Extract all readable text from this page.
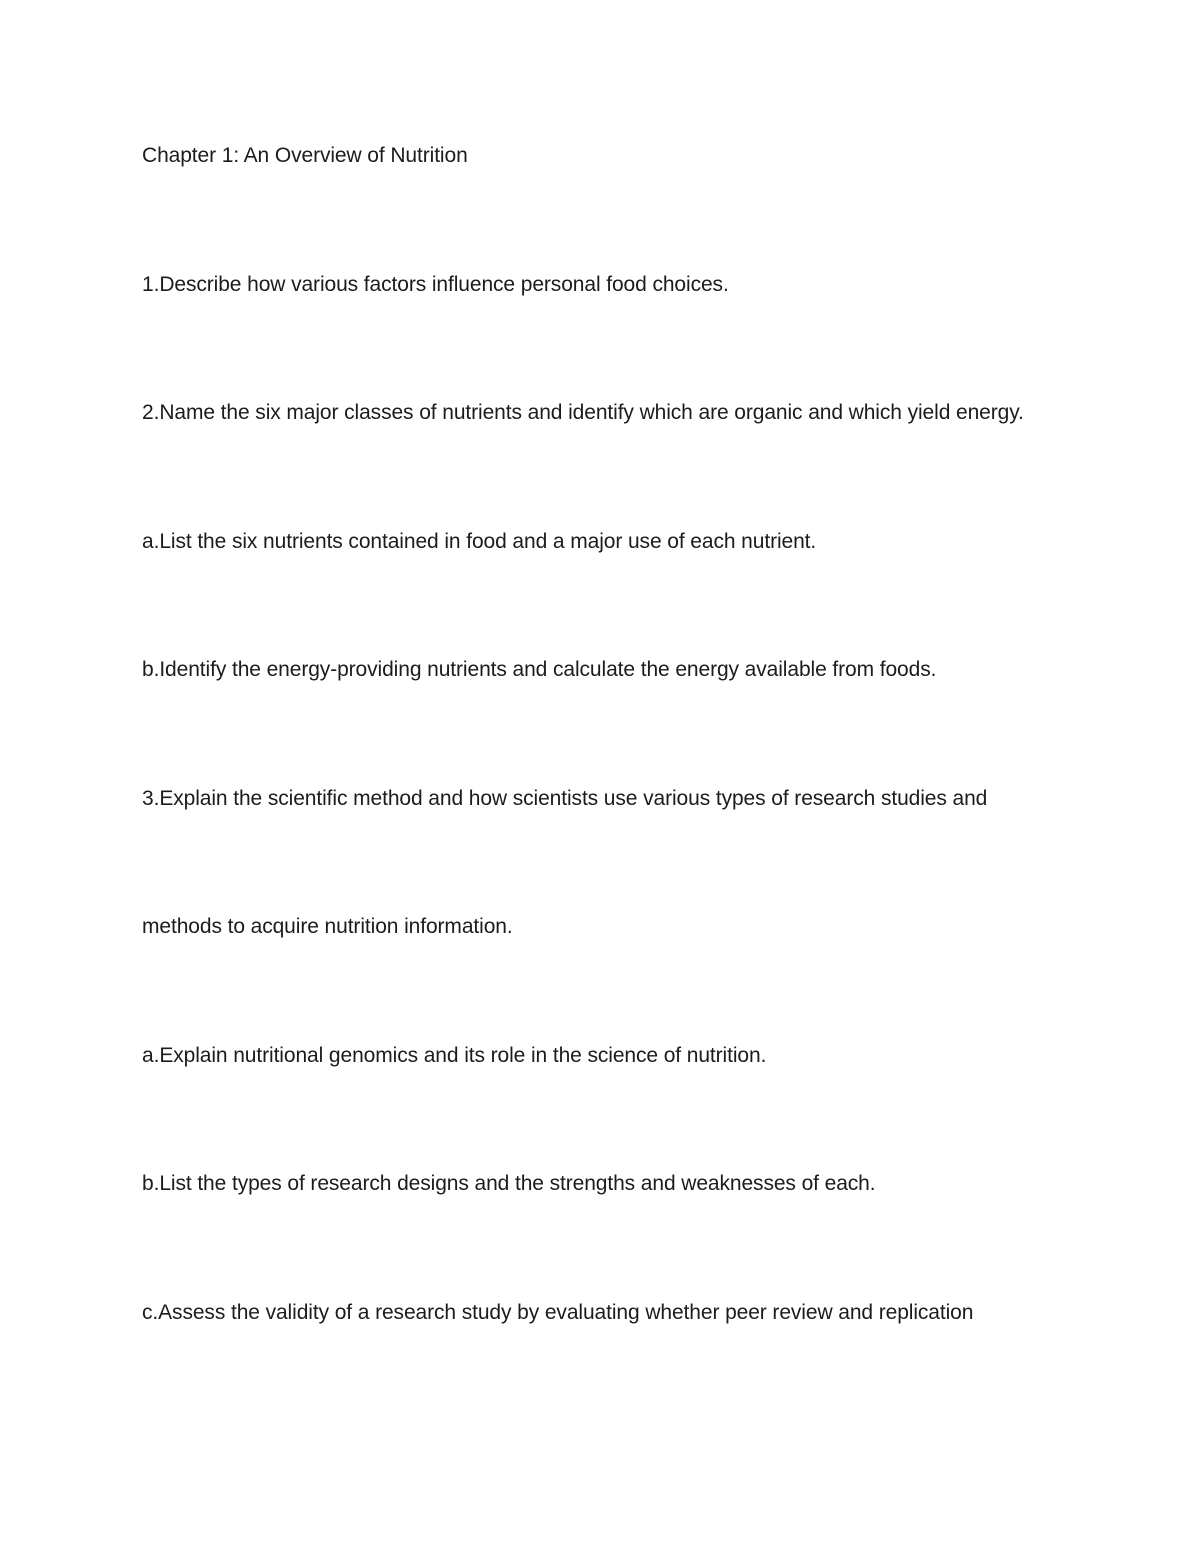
Chapter 1: An Overview of Nutrition

1.Describe how various factors influence personal food choices.

2.Name the six major classes of nutrients and identify which are organic and which yield energy.

a.List the six nutrients contained in food and a major use of each nutrient.

b.Identify the energy-providing nutrients and calculate the energy available from foods.

3.Explain the scientific method and how scientists use various types of research studies and

methods to acquire nutrition information.

a.Explain nutritional genomics and its role in the science of nutrition.

b.List the types of research designs and the strengths and weaknesses of each.

c.Assess the validity of a research study by evaluating whether peer review and replication
